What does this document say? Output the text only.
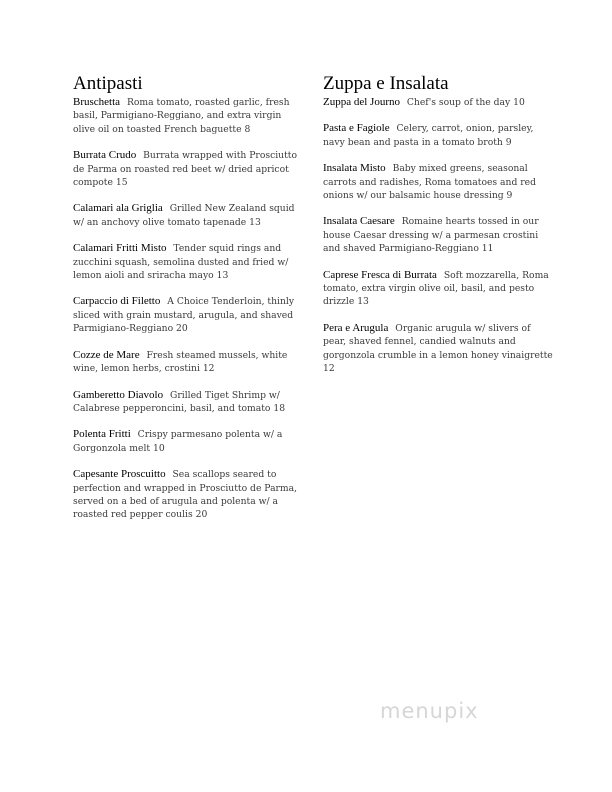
Antipasti
Bruschetta Roma tomato, roasted garlic, fresh basil, Parmigiano-Reggiano, and extra virgin olive oil on toasted French baguette 8
Burrata Crudo Burrata wrapped with Prosciutto de Parma on roasted red beet w/ dried apricot compote 15
Calamari ala Griglia Grilled New Zealand squid w/ an anchovy olive tomato tapenade 13
Calamari Fritti Misto Tender squid rings and zucchini squash, semolina dusted and fried w/ lemon aioli and sriracha mayo 13
Carpaccio di Filetto A Choice Tenderloin, thinly sliced with grain mustard, arugula, and shaved Parmigiano-Reggiano 20
Cozze de Mare Fresh steamed mussels, white wine, lemon herbs, crostini 12
Gamberetto Diavolo Grilled Tiget Shrimp w/ Calabrese pepperoncini, basil, and tomato 18
Polenta Fritti Crispy parmesano polenta w/ a Gorgonzola melt 10
Capesante Proscuitto Sea scallops seared to perfection and wrapped in Prosciutto de Parma, served on a bed of arugula and polenta w/ a roasted red pepper coulis 20
Zuppa e Insalata
Zuppa del Journo Chef's soup of the day 10
Pasta e Fagiole Celery, carrot, onion, parsley, navy bean and pasta in a tomato broth 9
Insalata Misto Baby mixed greens, seasonal carrots and radishes, Roma tomatoes and red onions w/ our balsamic house dressing 9
Insalata Caesare Romaine hearts tossed in our house Caesar dressing w/ a parmesan crostini and shaved Parmigiano-Reggiano 11
Caprese Fresca di Burrata Soft mozzarella, Roma tomato, extra virgin olive oil, basil, and pesto drizzle 13
Pera e Arugula Organic arugula w/ slivers of pear, shaved fennel, candied walnuts and gorgonzola crumble in a lemon honey vinaigrette 12
menupix
